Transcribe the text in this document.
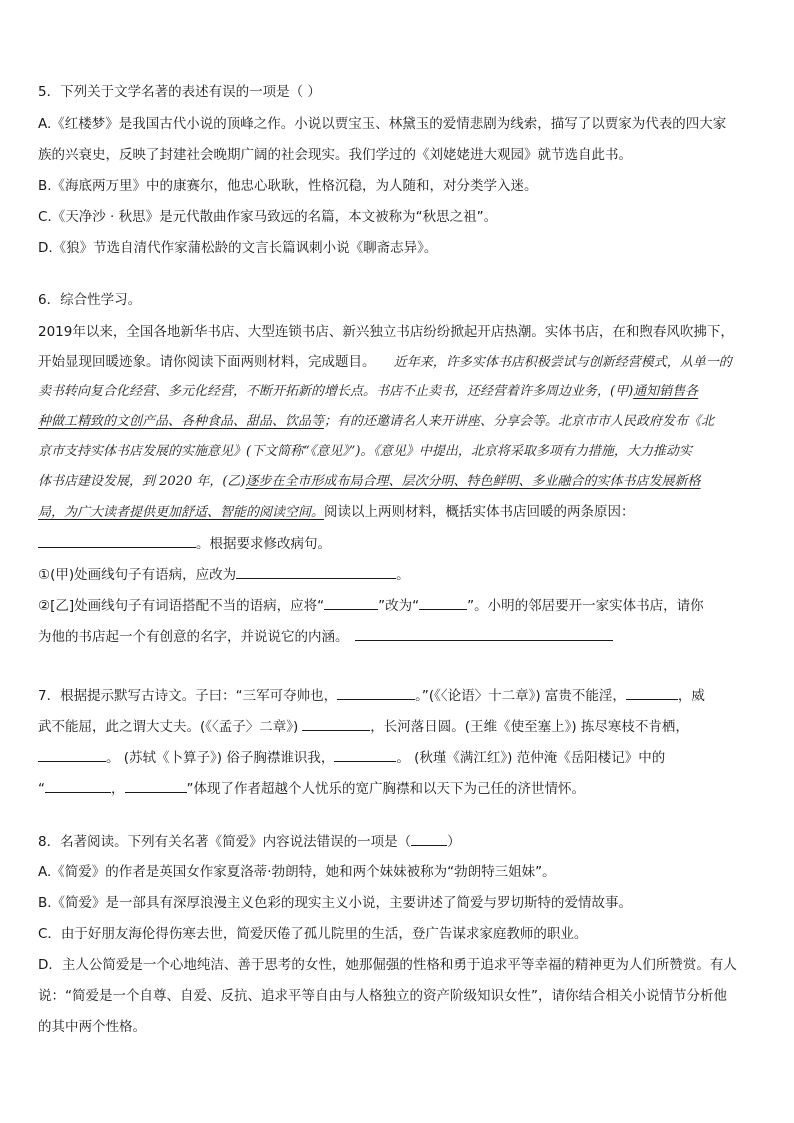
5．下列关于文学名著的表述有误的一项是（ ）
A.《红楼梦》是我国古代小说的顶峰之作。小说以贾宝玉、林黛玉的爱情悲剧为线索，描写了以贾家为代表的四大家
族的兴衰史，反映了封建社会晚期广阔的社会现实。我们学过的《刘姥姥进大观园》就节选自此书。
B.《海底两万里》中的康赛尔，他忠心耿耿，性格沉稳，为人随和，对分类学入迷。
C.《天净沙 · 秋思》是元代散曲作家马致远的名篇，本文被称为“秋思之祖”。
D.《狼》节选自清代作家蒲松龄的文言长篇讽刺小说《聊斋志异》。
6．综合性学习。
2019年以来，全国各地新华书店、大型连锁书店、新兴独立书店纷纷掀起开店热潮。实体书店，在和煦春风吹拂下，
开始显现回暖迹象。请你阅读下面两则材料，完成题目。 近年来，许多实体书店积极尝试与创新经营模式，从单一的
卖书转向复合化经营、多元化经营，不断开拓新的增长点。书店不止卖书，还经营着许多周边业务，(甲)通知销售各
种做工精致的文创产品、各种食品、甜品、饮品等；有的还邀请名人来开讲座、分享会等。北京市市人民政府发布《北
京市支持实体书店发展的实施意见》(下文简称“《意见》”)。《意见》中提出，北京将采取多项有力措施，大力推动实
体书店建设发展，到 2020 年，(乙)逐步在全市形成布局合理、层次分明、特色鲜明、多业融合的实体书店发展新格
局，为广大读者提供更加舒适、智能的阅读空间。阅读以上两则材料，概括实体书店回暖的两条原因：
。根据要求修改病句。
①(甲)处画线句子有语病，应改为	。
②[乙]处画线句子有词语搭配不当的语病，应将“	”改为“	”。小明的邻居要开一家实体书店，请你
为他的书店起一个有创意的名字，并说说它的内涵。
7．根据提示默写古诗文。子曰：“三军可夺帅也，	。”(《〈论语〉十二章》) 富贵不能淫，	，威
武不能屈，此之谓大丈夫。(《〈孟子〉二章》)	，长河落日圆。(王维《使至塞上》) 拣尽寒枝不肯栖，
。 (苏轼《卜算子》) 俗子胸襟谁识我，	。 (秋瑾《满江红》) 范仲淹《岳阳楼记》中的
“	，	”体现了作者超越个人忧乐的宽广胸襟和以天下为己任的济世情怀。
8．名著阅读。下列有关名著《简爱》内容说法错误的一项是（	）
A.《简爱》的作者是英国女作家夏洛蒂·勃朗特，她和两个妹妹被称为“勃朗特三姐妹”。
B.《简爱》是一部具有深厚浪漫主义色彩的现实主义小说，主要讲述了简爱与罗切斯特的爱情故事。
C．由于好朋友海伦得伤寒去世，简爱厌倦了孤儿院里的生活，登广告谋求家庭教师的职业。
D．主人公简爱是一个心地纯洁、善于思考的女性，她那倔强的性格和勇于追求平等幸福的精神更为人们所赞赏。有人
说：“简爱是一个自尊、自爱、反抗、追求平等自由与人格独立的资产阶级知识女性”，请你结合相关小说情节分析他
的其中两个性格。
